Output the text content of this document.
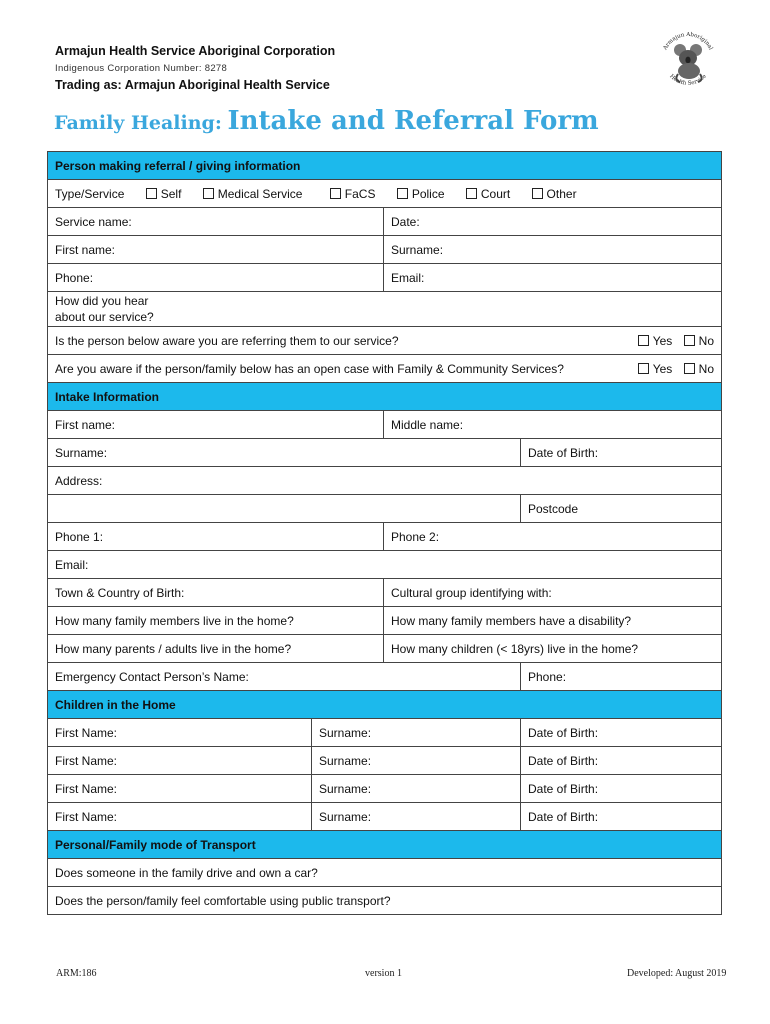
Armajun Health Service Aboriginal Corporation
Indigenous Corporation Number: 8278
Trading as: Armajun Aboriginal Health Service
Armajun Aboriginal
Health Service
Family Healing: Intake and Referral Form
Person making referral / giving information			
Type/Service Self Medical Service FaCS Police Court Other			
Service name:		Date:	
First name:		Surname:	
Phone:		Email:	
How did you hear
about our service?			
Is the person below aware you are referring them to our service? Yes No			

Are you aware if the person/family below has an open case with Family & Community Services? Yes No			

Intake Information			
First name:		Middle name:	
Surname:			Date of Birth:
Address:			
			Postcode
Phone 1:		Phone 2:	
Email:			
Town & Country of Birth:		Cultural group identifying with:	
How many family members live in the home?		How many family members have a disability?	
How many parents / adults live in the home?		How many children (< 18yrs) live in the home?	
Emergency Contact Person’s Name:			Phone:
Children in the Home			
First Name:	Surname:		Date of Birth:
First Name:	Surname:		Date of Birth:
First Name:	Surname:		Date of Birth:
First Name:	Surname:		Date of Birth:
Personal/Family mode of Transport			
Does someone in the family drive and own a car?			
Does the person/family feel comfortable using public transport?			
ARM:186	version 1	Developed: August 2019
